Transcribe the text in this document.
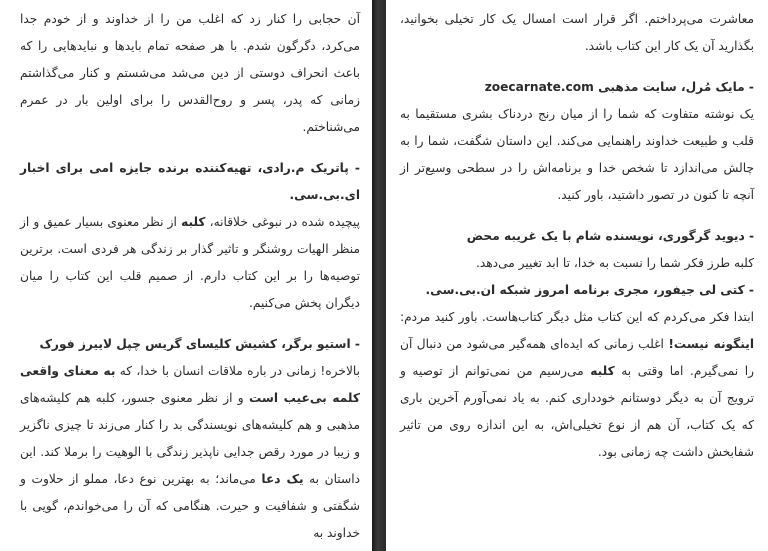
آن حجابی را کنار زد که اغلب من را از خداوند و از خودم جدا می‌کرد، دگرگون شدم. با هر صفحه تمام بایدها و نبایدهایی را که باعث انحراف دوستی از دین می‌شد می‌شستم و کنار می‌گذاشتم زمانی که پدر، پسر و روح‌القدس را برای اولین بار در عمرم می‌شناختم.

- پاتریک م.رادی، تهیه‌کننده برنده جایزه امی برای اخبار ای.بی.سی.

پیچیده شده در نبوغی خلاقانه، کلبه از نظر معنوی بسیار عمیق و از منظر الهیات روشنگر و تاثیر گذار بر زندگی هر فردی است. برترین توصیه‌ها را بر این کتاب دارم. از صمیم قلب این کتاب را میان دیگران پخش می‌کنیم.

- استیو برگر، کشیش کلیسای گریس چپل لاییرز فورک

بالاخره! زمانی در باره ملاقات انسان با خدا، که به معنای واقعی کلمه بی‌عیب است و از نظر معنوی جسور، کلبه هم کلیشه‌های مذهبی و هم کلیشه‌های نویسندگی بد را کنار می‌زند تا چیزی ناگزیر و زیبا در مورد رقص جدایی ناپذیر زندگی با الوهیت را برملا کند. این داستان به یک دعا می‌ماند؛ به بهترین نوع دعا، مملو از حلاوت و شگفتی و شفافیت و حیرت. هنگامی که آن را می‌خواندم، گویی با خداوند به

معاشرت می‌پرداختم. اگر قرار است امسال یک کار تخیلی بخوانید، بگذارید آن یک کار این کتاب باشد.

- مایک مُرل، سایت مذهبی zoecarnate.com

یک نوشته متفاوت که شما را از میان رنج دردناک بشری مستقیما به قلب و طبیعت خداوند راهنمایی می‌کند. این داستان شگفت، شما را به چالش می‌اندازد تا شخص خدا و برنامه‌اش را در سطحی وسیع‌تر از آنچه تا کنون در تصور داشتید، باور کنید.

- دیوید گرگوری، نویسنده شام با یک غریبه محض

کلبه طرز فکر شما را نسبت به خدا، تا ابد تغییر می‌دهد.

- کتی لی جیفور، مجری برنامه امروز شبکه ان.بی.سی.

ابتدا فکر می‌کردم که این کتاب مثل دیگر کتاب‌هاست. باور کنید مردم: اینگونه نیست! اغلب زمانی که ایده‌ای همه‌گیر می‌شود من دنبال آن را نمی‌گیرم. اما وقتی به کلبه می‌رسیم من نمی‌توانم از توصیه و ترویج آن به دیگر دوستانم خودداری کنم. به یاد نمی‌آورم آخرین باری که یک کتاب، آن هم از نوع تخیلی‌اش، به این اندازه روی من تاثیر شفابخش داشت چه زمانی بود.
